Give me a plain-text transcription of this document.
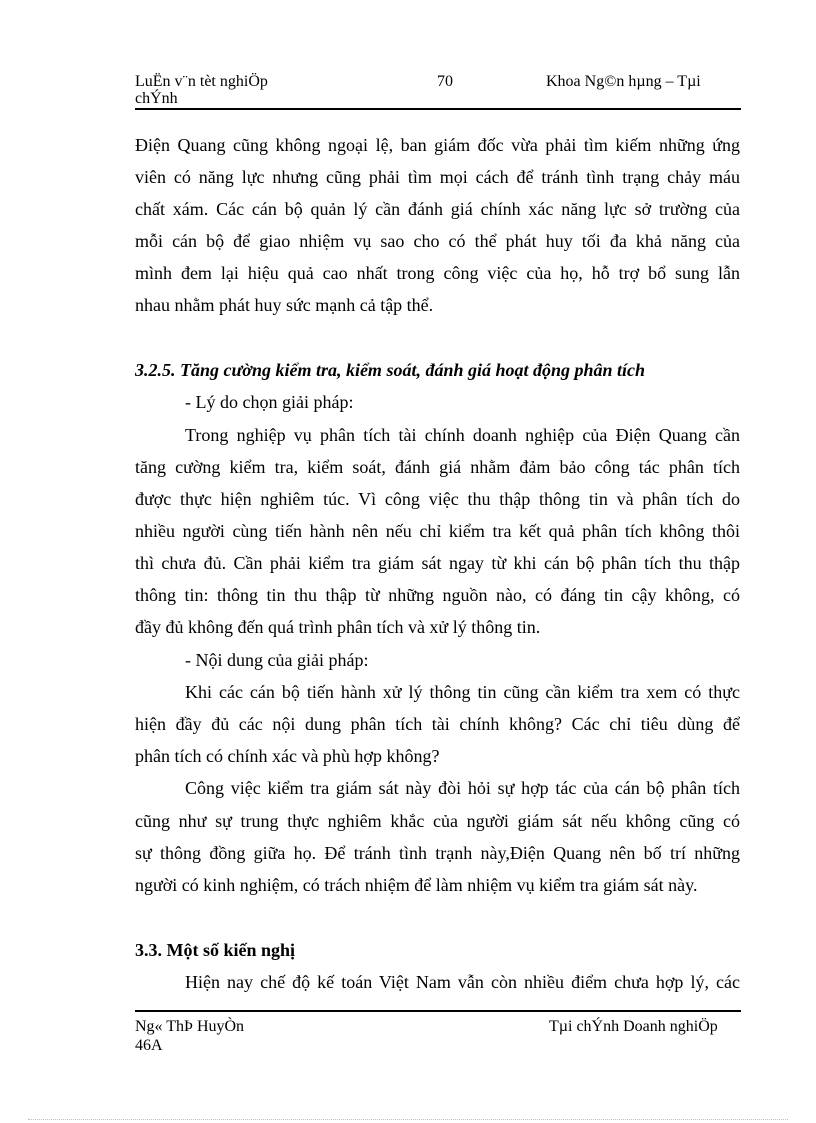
LuËn v¨n tèt nghiÖp
chÝnh
70	Khoa Ng©n hµng – Tµi
Điện Quang cũng không ngoại lệ, ban giám đốc vừa phải tìm kiếm những ứng
viên có năng lực nhưng cũng phải tìm mọi cách để tránh tình trạng chảy máu
chất xám. Các cán bộ quản lý cần đánh giá chính xác năng lực sở trường của
mỗi cán bộ để giao nhiệm vụ sao cho có thể phát huy tối đa khả năng của
mình đem lại hiệu quả cao nhất trong công việc của họ, hỗ trợ bổ sung lẫn
nhau nhằm phát huy sức mạnh cả tập thể.
3.2.5. Tăng cường kiểm tra, kiểm soát, đánh giá hoạt động phân tích
- Lý do chọn giải pháp:
Trong nghiệp vụ phân tích tài chính doanh nghiệp của Điện Quang cần
tăng cường kiểm tra, kiểm soát, đánh giá nhằm đảm bảo công tác phân tích
được thực hiện nghiêm túc. Vì công việc thu thập thông tin và phân tích do
nhiều người cùng tiến hành nên nếu chỉ kiểm tra kết quả phân tích không thôi
thì chưa đủ. Cần phải kiểm tra giám sát ngay từ khi cán bộ phân tích thu thập
thông tin: thông tin thu thập từ những nguồn nào, có đáng tin cậy không, có
đầy đủ không đến quá trình phân tích và xử lý thông tin.
- Nội dung của giải pháp:
Khi các cán bộ tiến hành xử lý thông tin cũng cần kiểm tra xem có thực
hiện đầy đủ các nội dung phân tích tài chính không? Các chỉ tiêu dùng để
phân tích có chính xác và phù hợp không?
Công việc kiểm tra giám sát này đòi hỏi sự hợp tác của cán bộ phân tích
cũng như sự trung thực nghiêm khắc của người giám sát nếu không cũng có
sự thông đồng giữa họ. Để tránh tình trạnh này,Điện Quang nên bố trí những
người có kinh nghiệm, có trách nhiệm để làm nhiệm vụ kiểm tra giám sát này.
3.3. Một số kiến nghị
Hiện nay chế độ kế toán Việt Nam vẫn còn nhiều điểm chưa hợp lý, các
Ng« ThÞ HuyÒn
46A
Tµi chÝnh Doanh nghiÖp
